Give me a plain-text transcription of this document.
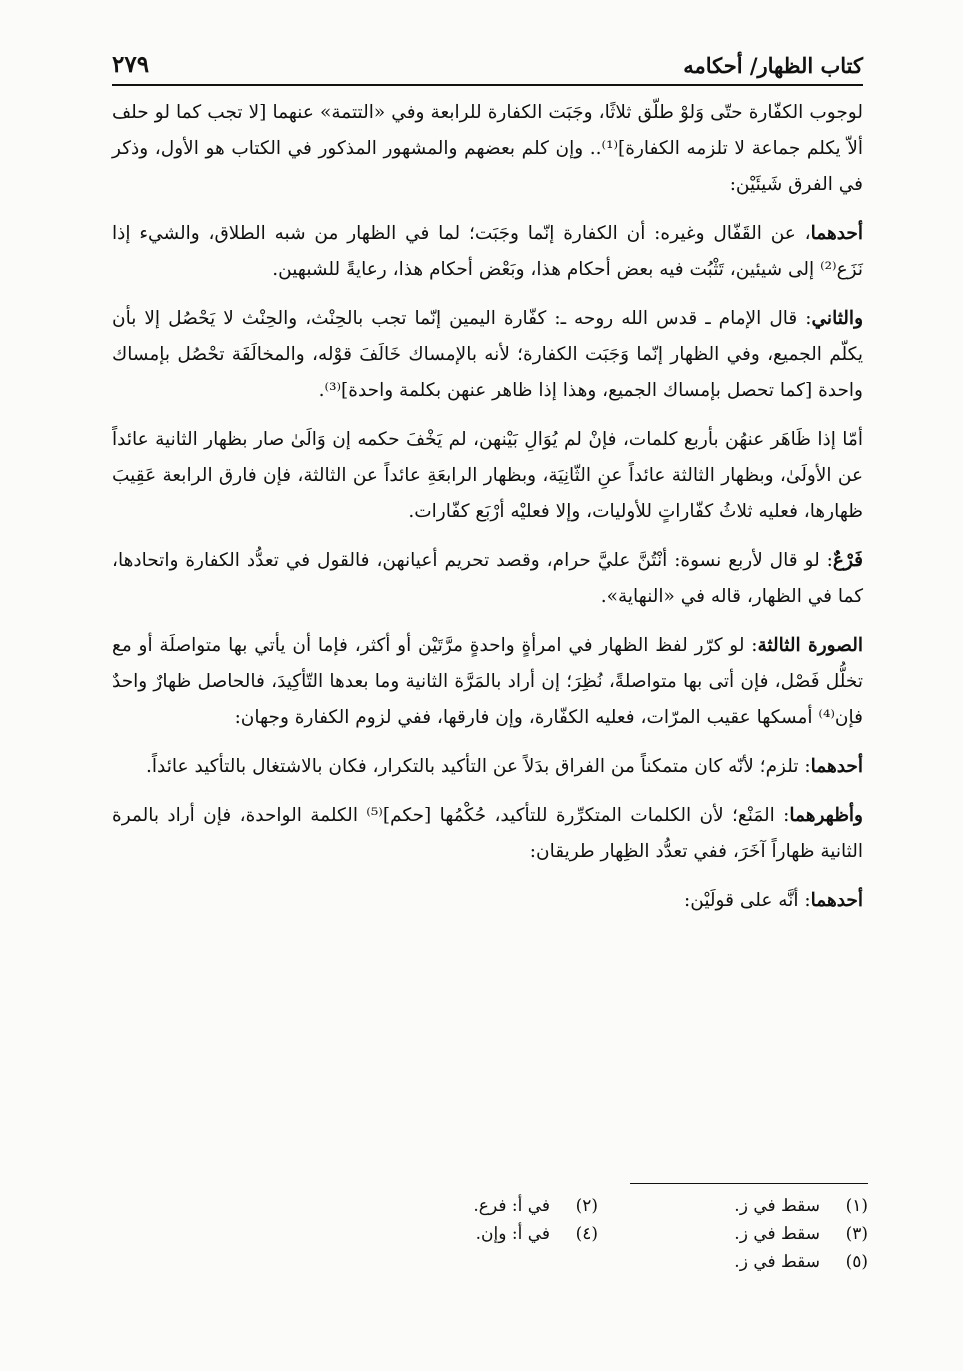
كتاب الظهار/ أحكامه
٢٧٩

لوجوب الكفّارة حتّى وَلوْ طلّق ثلاثًا، وجَبَت الكفارة للرابعة وفي «التتمة» عنهما [لا تجب كما لو حلف ألاّ يكلم جماعة لا تلزمه الكفارة]⁽¹⁾.. وإن كلم بعضهم والمشهور المذكور في الكتاب هو الأول، وذكر في الفرق شَيئَيْن:

أحدهما، عن القَفّال وغيره: أن الكفارة إنّما وجَبَت؛ لما في الظهار من شبه الطلاق، والشيء إذا نَزَع⁽²⁾ إلى شيئين، تَثْبُت فيه بعض أحكام هذا، وبَعْض أحكام هذا، رعايةً للشبهين.

والثاني: قال الإمام ـ قدس الله روحه ـ: كفّارة اليمين إنّما تجب بالحِنْث، والحِنْث لا يَحْصُل إلا بأن يكلّم الجميع، وفي الظهار إنّما وَجَبَت الكفارة؛ لأنه بالإمساك خَالَفَ قوْله، والمخالَفَة تحْصُل بإمساك واحدة [كما تحصل بإمساك الجميع، وهذا إذا ظاهر عنهن بكلمة واحدة]⁽³⁾.

أمّا إذا ظَاهَر عنهُن بأربع كلمات، فإنْ لم يُوَالِ بَيْنهن، لم يَخْفَ حكمه إن وَالَىٰ صار بظهار الثانية عائداً عن الأولَىٰ، وبظهار الثالثة عائداً عنِ الثّانِيَة، وبظهار الرابعَةِ عائداً عن الثالثة، فإن فارق الرابعة عَقِيبَ ظهارها، فعليه ثلاثُ كفّاراتٍ للأوليات، وإلا فعليْه أرْبَع كفّارات.

فَرْعٌ: لو قال لأربع نسوة: أنْتُنَّ عليَّ حرام، وقصد تحريم أعيانهن، فالقول في تعدُّد الكفارة واتحادها، كما في الظهار، قاله في «النهاية».

الصورة الثالثة: لو كرّر لفظ الظهار في امرأةٍ واحدةٍ مرَّتَيْن أو أكثر، فإما أن يأتي بها متواصلَة أو مع تخلُّل فَصْل، فإن أتى بها متواصلةً، نُظِرَ؛ إن أراد بالمَرَّة الثانية وما بعدها التّأكِيدَ، فالحاصل ظهارٌ واحدٌ فإن⁽⁴⁾ أمسكها عقيب المرّات، فعليه الكفّارة، وإن فارقها، ففي لزوم الكفارة وجهان:

أحدهما: تلزم؛ لأنّه كان متمكناً من الفراق بدَلاً عن التأكيد بالتكرار، فكان بالاشتغال بالتأكيد عائداً.

وأظهرهما: المَنْع؛ لأن الكلمات المتكرِّرة للتأكيد، حُكْمُها [حكم]⁽⁵⁾ الكلمة الواحدة، فإن أراد بالمرة الثانية ظهاراً آخَرَ، ففي تعدُّد الظِهار طريقان:

أحدهما: أنَّه على قولَيْن:

(١)
سقط في ز.
(٢)
في أ: فرع.
(٣)
سقط في ز.
(٤)
في أ: وإن.
(٥)
سقط في ز.
